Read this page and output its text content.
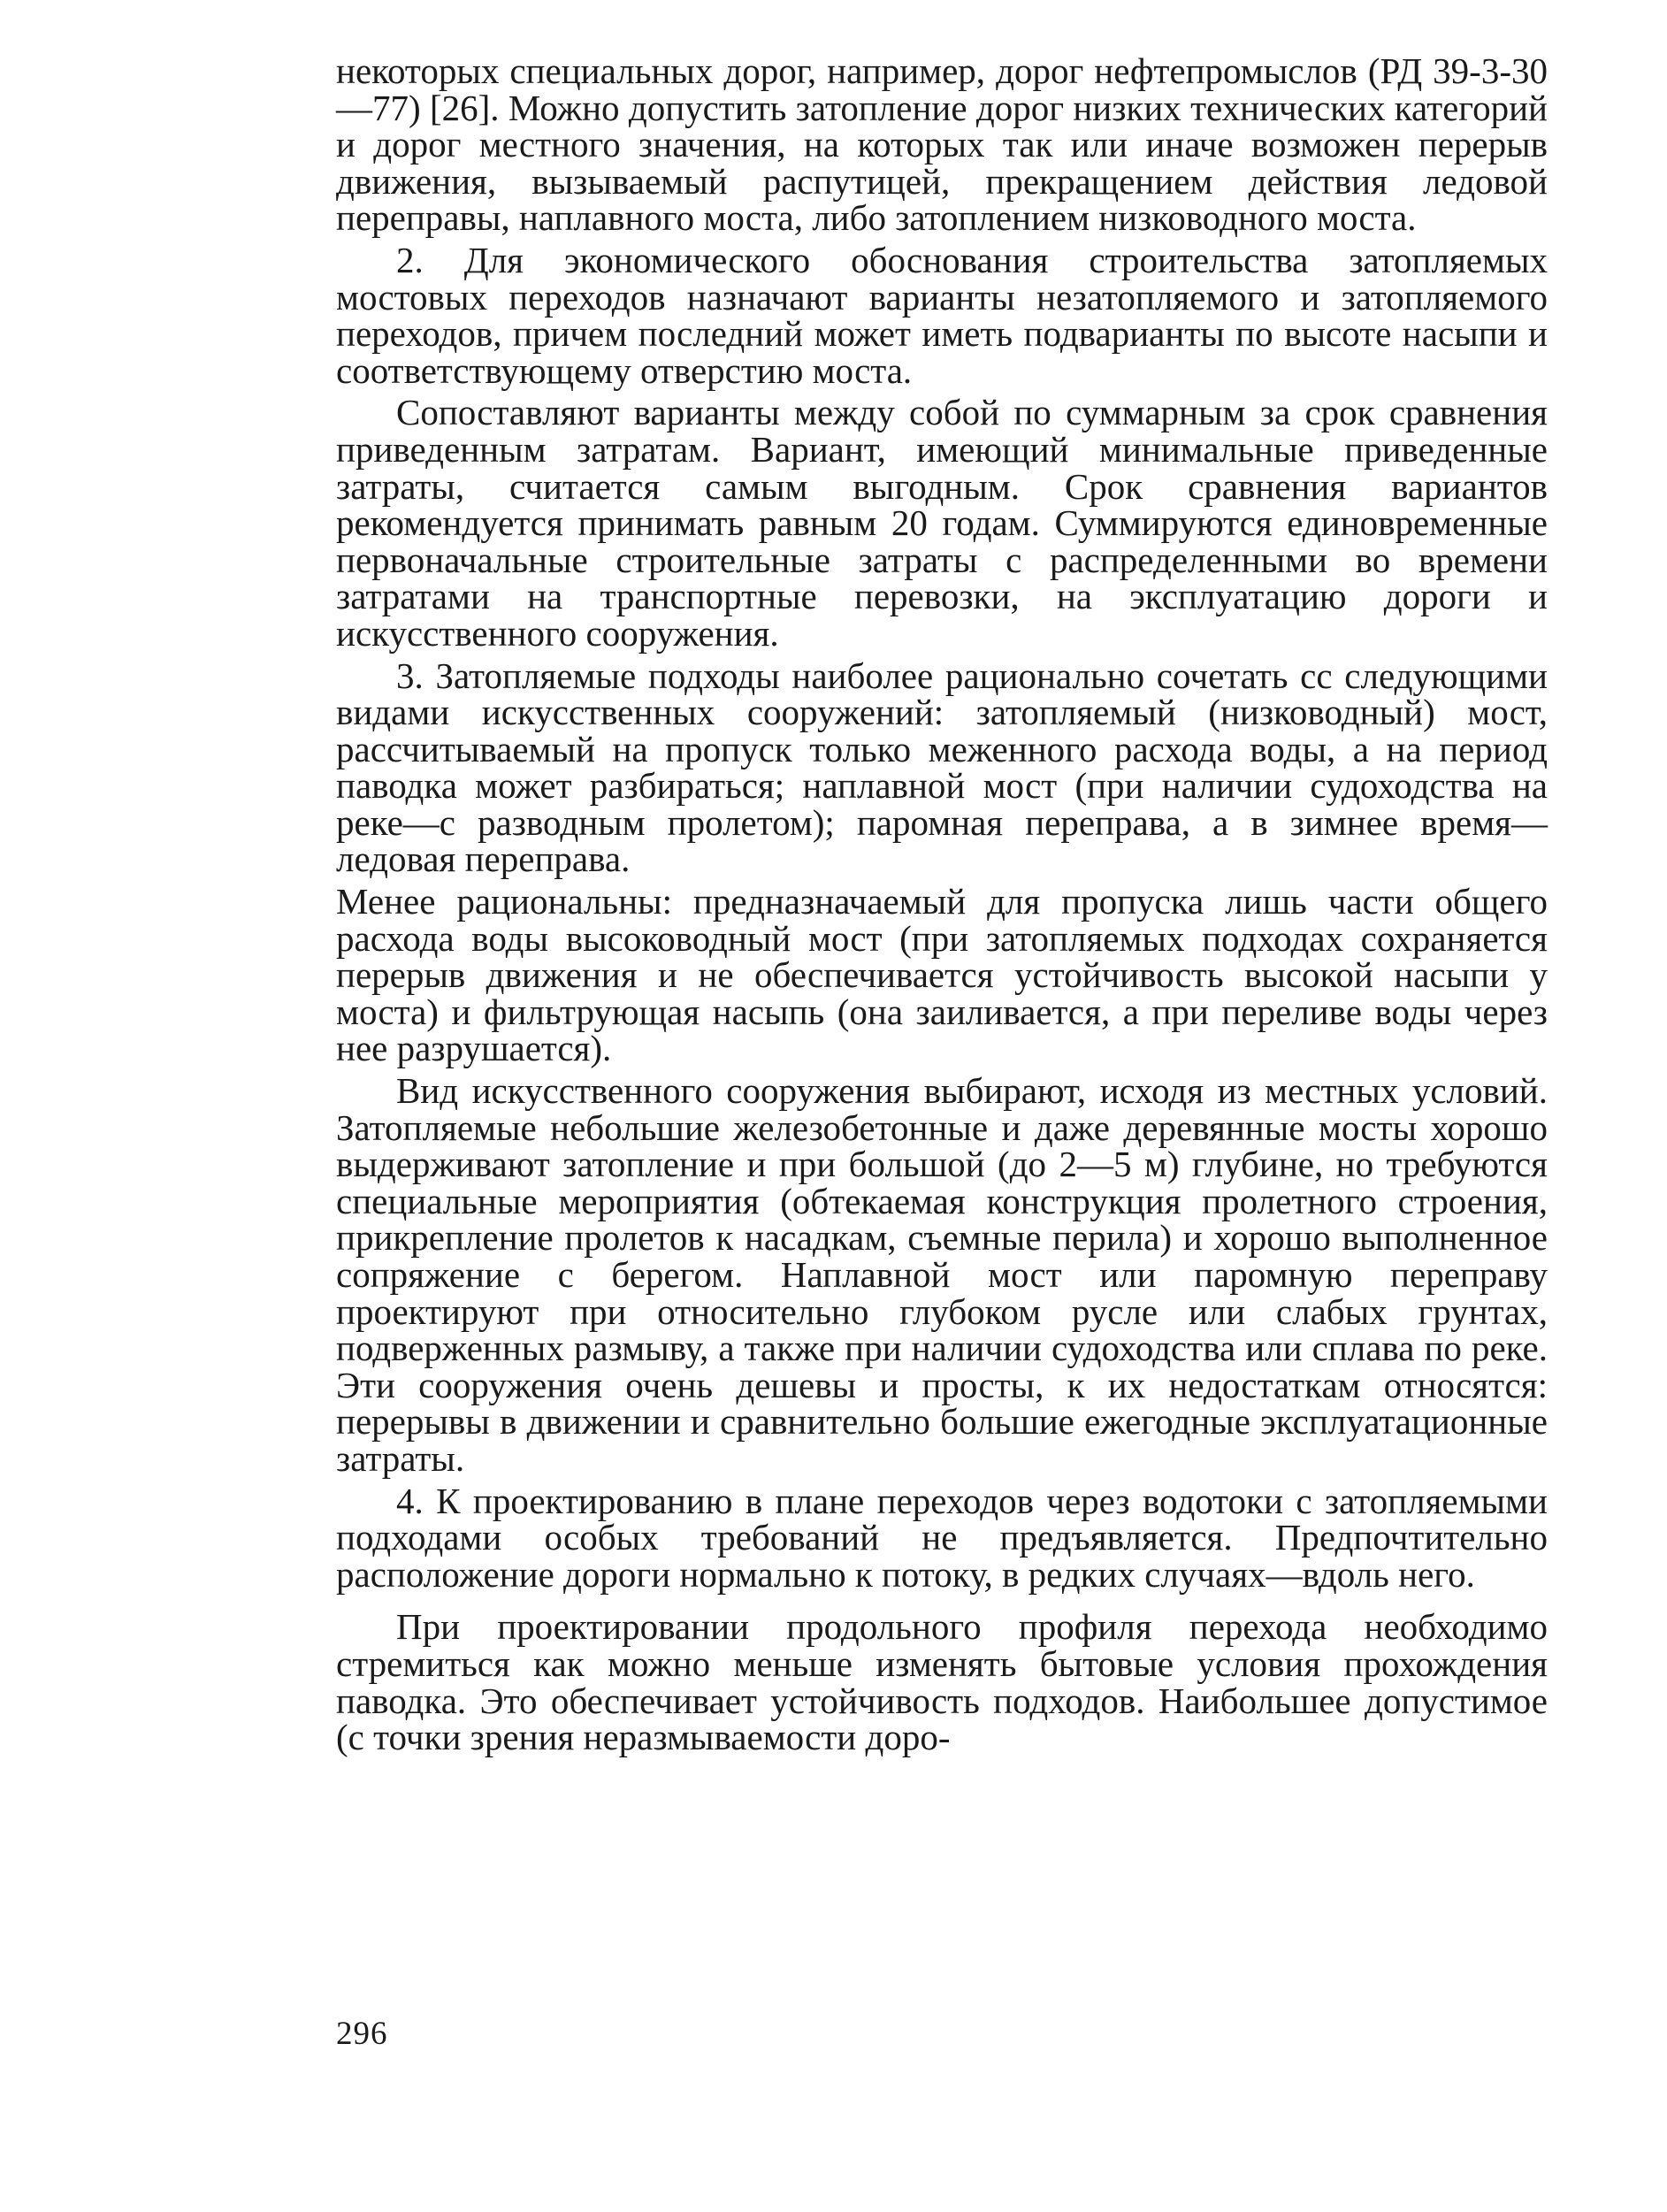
некоторых специальных дорог, например, дорог нефтепромыслов (РД 39-3-30—77) [26]. Можно допустить затопление дорог низких технических категорий и дорог местного значения, на которых так или иначе возможен перерыв движения, вызываемый распутицей, прекращением действия ледовой переправы, наплавного моста, либо затоплением низководного моста.

2. Для экономического обоснования строительства затопляемых мостовых переходов назначают варианты незатопляемого и затопляемого переходов, причем последний может иметь подварианты по высоте насыпи и соответствующему отверстию моста.

Сопоставляют варианты между собой по суммарным за срок сравнения приведенным затратам. Вариант, имеющий минимальные приведенные затраты, считается самым выгодным. Срок сравнения вариантов рекомендуется принимать равным 20 годам. Суммируются единовременные первоначальные строительные затраты с распределенными во времени затратами на транспортные перевозки, на эксплуатацию дороги и искусственного сооружения.

3. Затопляемые подходы наиболее рационально сочетать сс следующими видами искусственных сооружений: затопляемый (низководный) мост, рассчитываемый на пропуск только меженного расхода воды, а на период паводка может разбираться; наплавной мост (при наличии судоходства на реке—с разводным пролетом); паромная переправа, а в зимнее время—ледовая переправа.

Менее рациональны: предназначаемый для пропуска лишь части общего расхода воды высоководный мост (при затопляемых подходах сохраняется перерыв движения и не обеспечивается устойчивость высокой насыпи у моста) и фильтрующая насыпь (она заиливается, а при переливе воды через нее разрушается).

Вид искусственного сооружения выбирают, исходя из местных условий. Затопляемые небольшие железобетонные и даже деревянные мосты хорошо выдерживают затопление и при большой (до 2—5 м) глубине, но требуются специальные мероприятия (обтекаемая конструкция пролетного строения, прикрепление пролетов к насадкам, съемные перила) и хорошо выполненное сопряжение с берегом. Наплавной мост или паромную переправу проектируют при относительно глубоком русле или слабых грунтах, подверженных размыву, а также при наличии судоходства или сплава по реке. Эти сооружения очень дешевы и просты, к их недостаткам относятся: перерывы в движении и сравнительно большие ежегодные эксплуатационные затраты.

4. К проектированию в плане переходов через водотоки с затопляемыми подходами особых требований не предъявляется. Предпочтительно расположение дороги нормально к потоку, в редких случаях—вдоль него.

При проектировании продольного профиля перехода необходимо стремиться как можно меньше изменять бытовые условия прохождения паводка. Это обеспечивает устойчивость подходов. Наибольшее допустимое (с точки зрения неразмываемости доро-

296
